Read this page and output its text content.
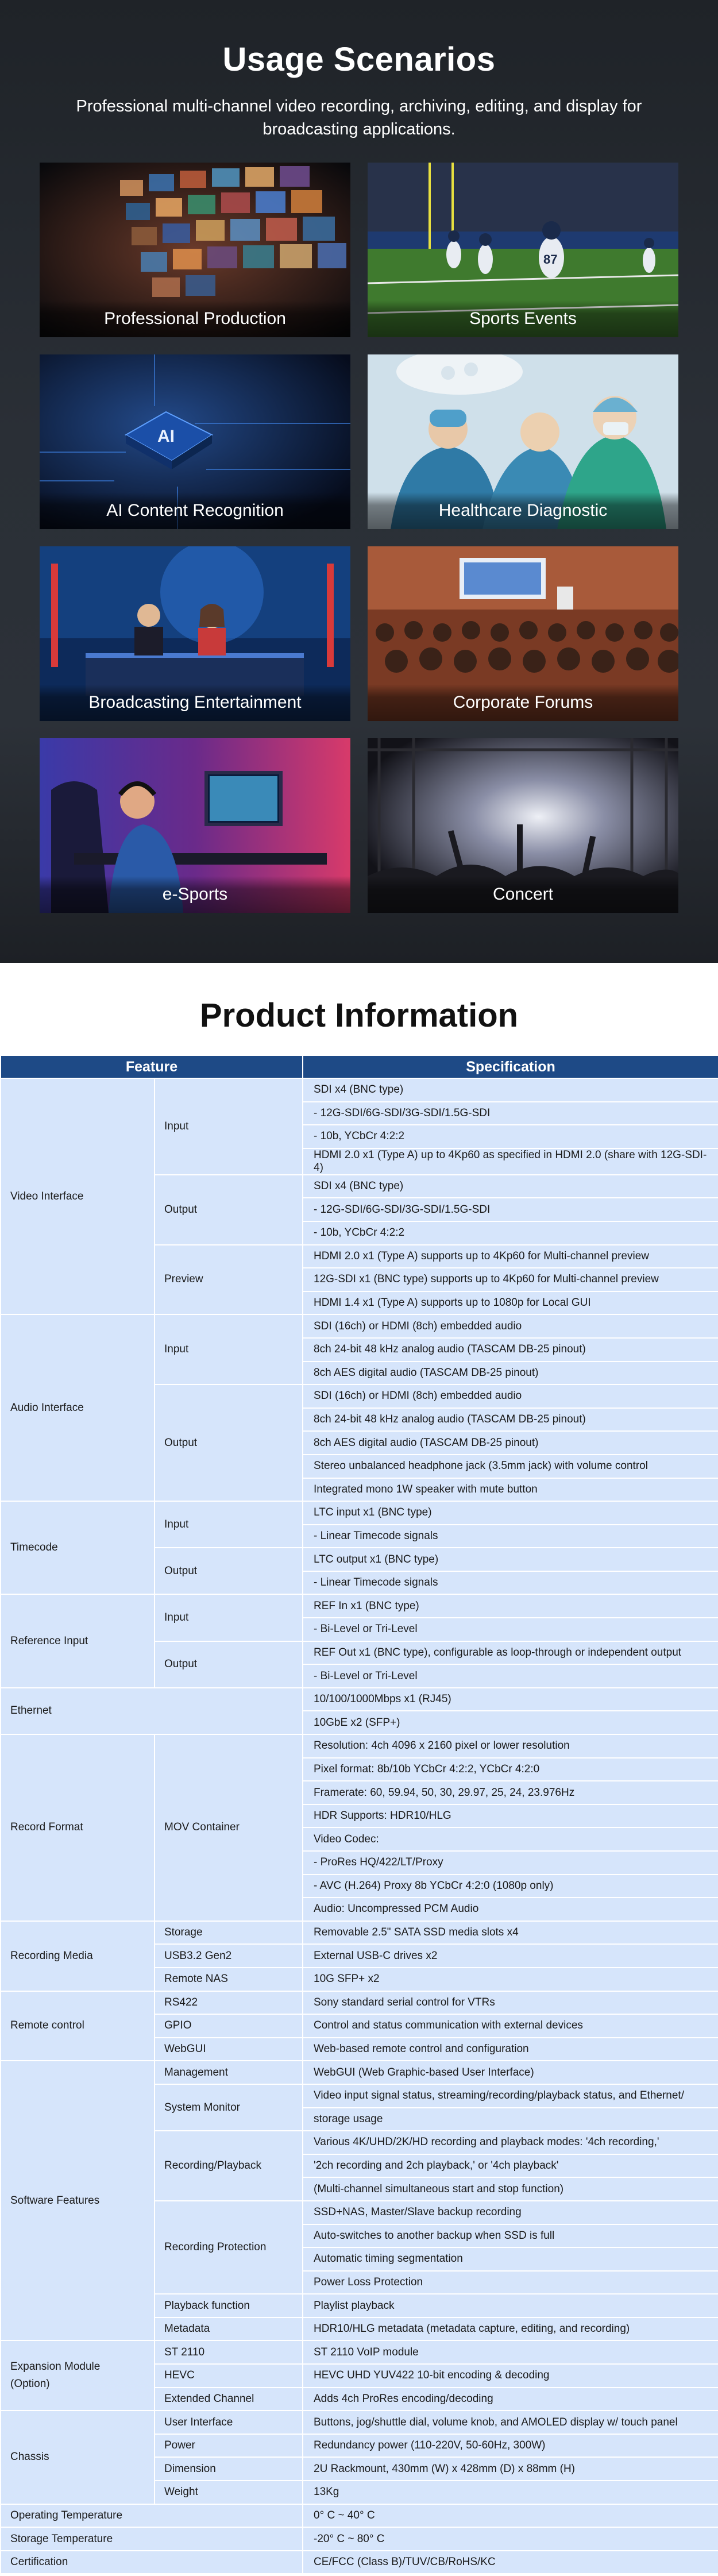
Usage Scenarios

Professional multi-channel video recording, archiving, editing, and display for broadcasting applications.

Professional Production
87
Sports Events
AI
AI Content Recognition	Healthcare Diagnostic
Broadcasting Entertainment	Corporate Forums
e-Sports	Concert
Product Information
Feature		Specification
Video Interface	Input	SDI x4 (BNC type)
		- 12G-SDI/6G-SDI/3G-SDI/1.5G-SDI
		- 10b, YCbCr 4:2:2
		HDMI 2.0 x1 (Type A) up to 4Kp60 as specified in HDMI 2.0 (share with 12G-SDI-4)
	Output	SDI x4 (BNC type)
		- 12G-SDI/6G-SDI/3G-SDI/1.5G-SDI
		- 10b, YCbCr 4:2:2
	Preview	HDMI 2.0 x1 (Type A) supports up to 4Kp60 for Multi-channel preview
		12G-SDI x1 (BNC type) supports up to 4Kp60 for Multi-channel preview
		HDMI 1.4 x1 (Type A) supports up to 1080p for Local GUI
Audio Interface	Input	SDI (16ch) or HDMI (8ch) embedded audio
		8ch 24-bit 48 kHz analog audio (TASCAM DB-25 pinout)
		8ch AES digital audio (TASCAM DB-25 pinout)
	Output	SDI (16ch) or HDMI (8ch) embedded audio
		8ch 24-bit 48 kHz analog audio (TASCAM DB-25 pinout)
		8ch AES digital audio (TASCAM DB-25 pinout)
		Stereo unbalanced headphone jack (3.5mm jack) with volume control
		Integrated mono 1W speaker with mute button
Timecode	Input	LTC input x1 (BNC type)
		- Linear Timecode signals
	Output	LTC output x1 (BNC type)
		- Linear Timecode signals
Reference Input	Input	REF In x1 (BNC type)
		- Bi-Level or Tri-Level
	Output	REF Out x1 (BNC type), configurable as loop-through or independent output
		- Bi-Level or Tri-Level
Ethernet		10/100/1000Mbps x1 (RJ45)
		10GbE x2 (SFP+)
Record Format	MOV Container	Resolution: 4ch 4096 x 2160 pixel or lower resolution
		Pixel format: 8b/10b YCbCr 4:2:2, YCbCr 4:2:0
		Framerate: 60, 59.94, 50, 30, 29.97, 25, 24, 23.976Hz
		HDR Supports: HDR10/HLG
		Video Codec:
		- ProRes HQ/422/LT/Proxy
		- AVC (H.264) Proxy 8b YCbCr 4:2:0 (1080p only)
		Audio: Uncompressed PCM Audio
Recording Media	Storage	Removable 2.5" SATA SSD media slots x4
	USB3.2 Gen2	External USB-C drives x2
	Remote NAS	10G SFP+ x2
Remote control	RS422	Sony standard serial control for VTRs
	GPIO	Control and status communication with external devices
	WebGUI	Web-based remote control and configuration
Software Features	Management	WebGUI (Web Graphic-based User Interface)
	System Monitor	Video input signal status, streaming/recording/playback status, and Ethernet/
		storage usage
	Recording/Playback	Various 4K/UHD/2K/HD recording and playback modes: '4ch recording,'
		'2ch recording and 2ch playback,' or '4ch playback'
		(Multi-channel simultaneous start and stop function)
	Recording Protection	SSD+NAS, Master/Slave backup recording
		Auto-switches to another backup when SSD is full
		Automatic timing segmentation
		Power Loss Protection
	Playback function	Playlist playback
	Metadata	HDR10/HLG metadata (metadata capture, editing, and recording)

Expansion Module
(Option)	ST 2110	ST 2110 VoIP module
	HEVC	HEVC UHD YUV422 10-bit encoding & decoding
	Extended Channel	Adds 4ch ProRes encoding/decoding
Chassis	User Interface	Buttons, jog/shuttle dial, volume knob, and AMOLED display w/ touch panel
	Power	Redundancy power (110-220V, 50-60Hz, 300W)
	Dimension	2U Rackmount, 430mm (W) x 428mm (D) x 88mm (H)
	Weight	13Kg
Operating Temperature		0° C ~ 40° C
Storage Temperature		-20° C ~ 80° C
Certification		CE/FCC (Class B)/TUV/CB/RoHS/KC
